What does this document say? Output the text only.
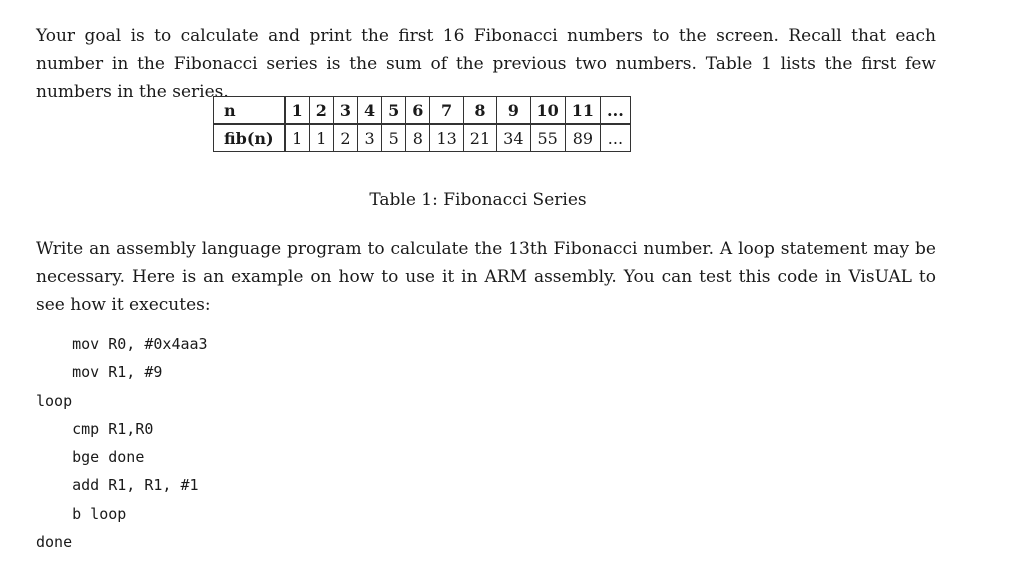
Your goal is to calculate and print the first 16 Fibonacci numbers to the screen. Recall that each number in the Fibonacci series is the sum of the previous two numbers. Table 1 lists the first few numbers in the series.

n	1	2	3	4	5	6	7	8	9	10	11	...
fib(n)	1	1	2	3	5	8	13	21	34	55	89	...
Table 1: Fibonacci Series

Write an assembly language program to calculate the 13th Fibonacci number. A loop statement may be necessary. Here is an example on how to use it in ARM assembly. You can test this code in VisUAL to see how it executes:

mov R0, #0x4aa3
mov R1, #9
loop
cmp R1,R0
bge done
add R1, R1, #1
b loop
done
